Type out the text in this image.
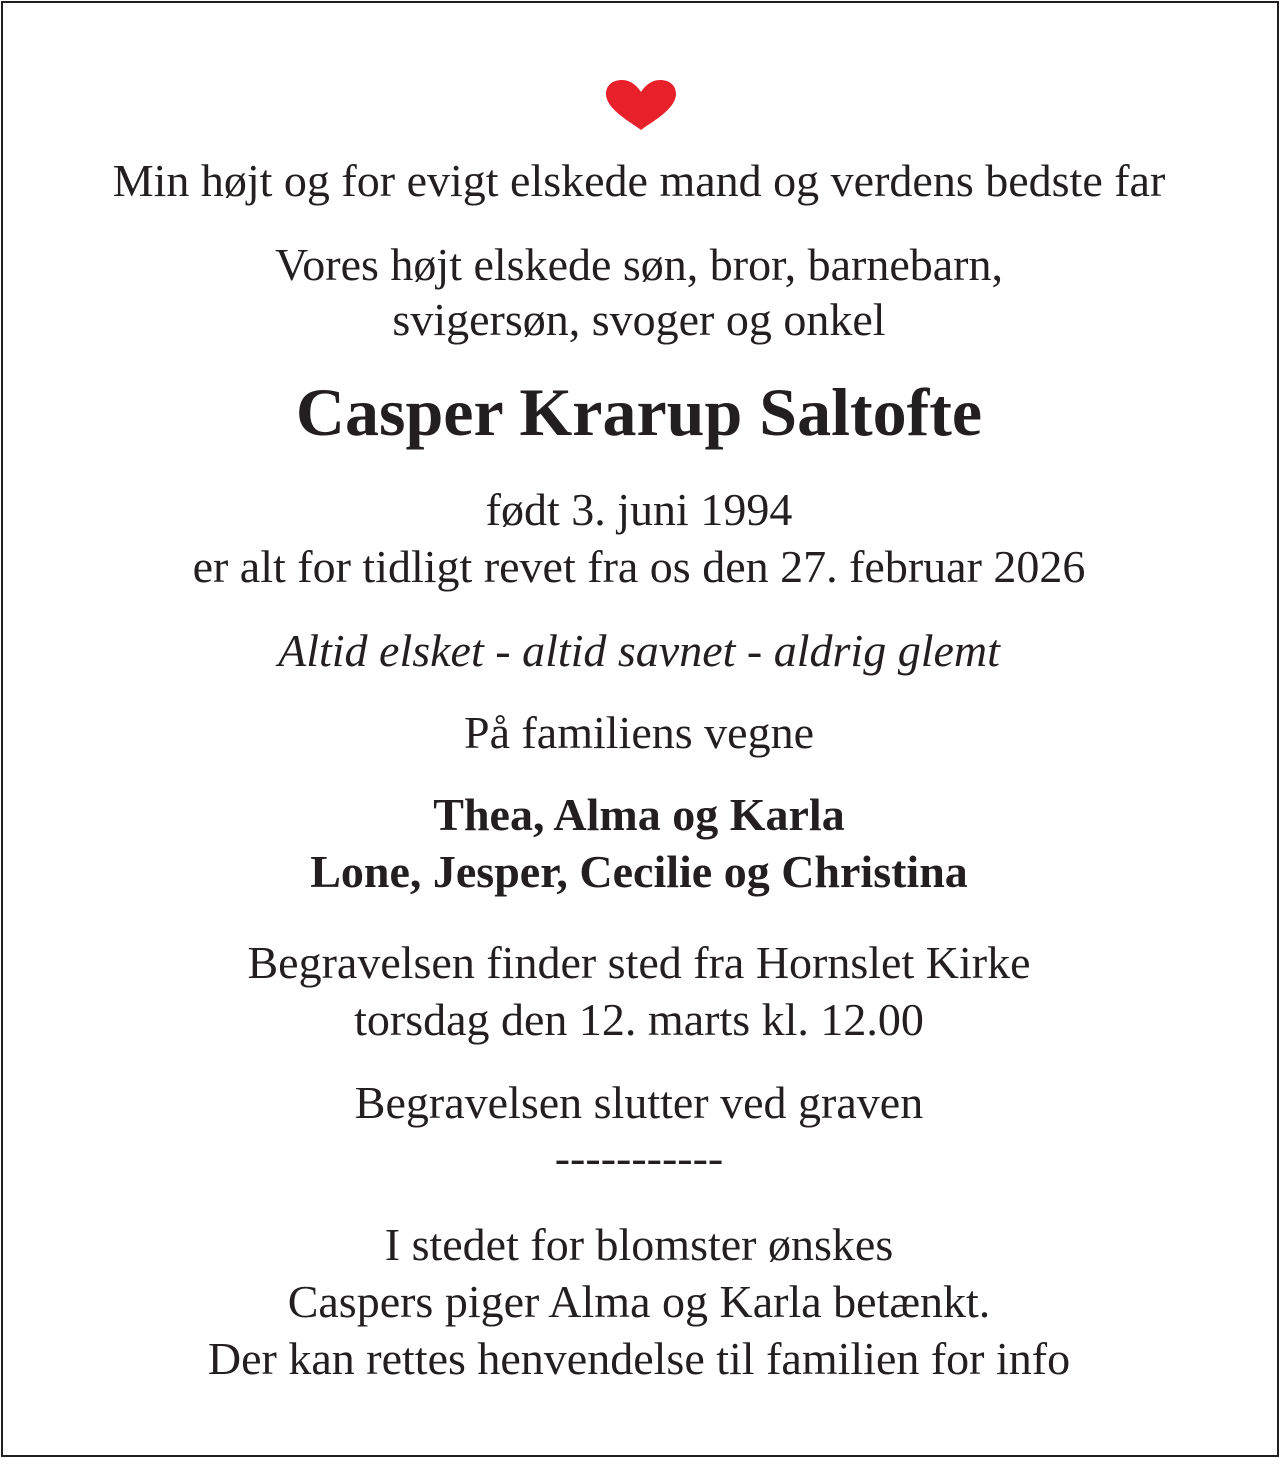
Min højt og for evigt elskede mand og verdens bedste far
Vores højt elskede søn, bror, barnebarn,
svigersøn, svoger og onkel
Casper Krarup Saltofte
født 3. juni 1994
er alt for tidligt revet fra os den 27. februar 2026
Altid elsket - altid savnet - aldrig glemt
På familiens vegne
Thea, Alma og Karla
Lone, Jesper, Cecilie og Christina
Begravelsen finder sted fra Hornslet Kirke
torsdag den 12. marts kl. 12.00
Begravelsen slutter ved graven
-----------
I stedet for blomster ønskes
Caspers piger Alma og Karla betænkt.
Der kan rettes henvendelse til familien for info
